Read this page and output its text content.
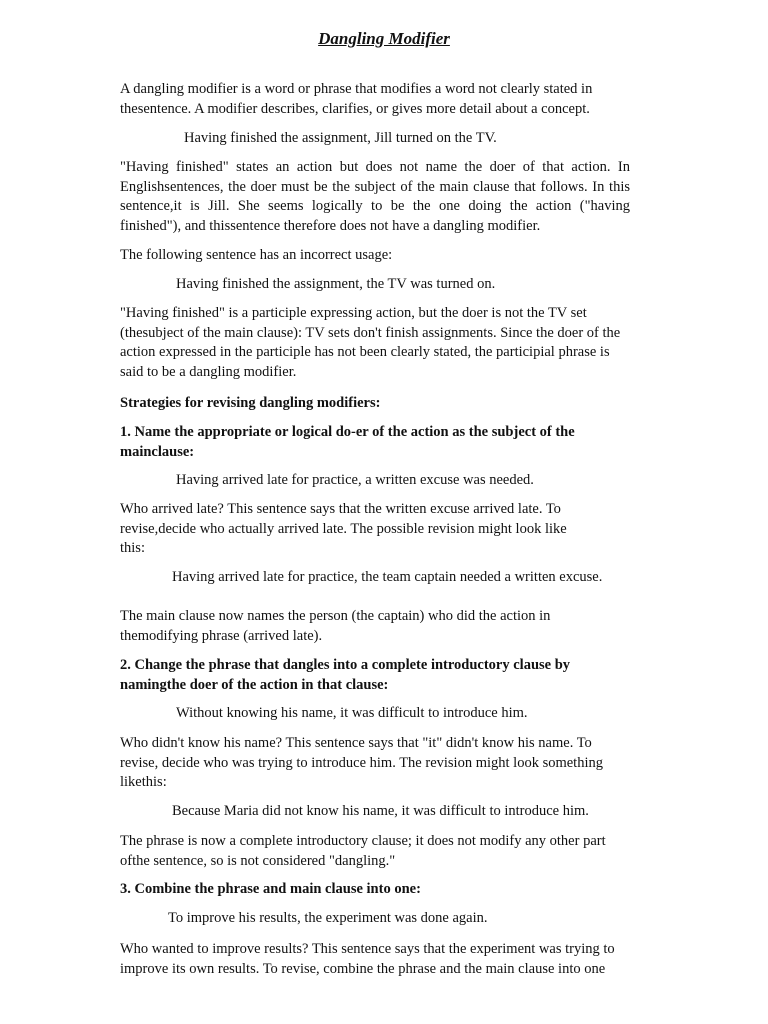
Dangling Modifier

A dangling modifier is a word or phrase that modifies a word not clearly stated in thesentence. A modifier describes, clarifies, or gives more detail about a concept.

Having finished the assignment, Jill turned on the TV.

"Having finished" states an action but does not name the doer of that action. In Englishsentences, the doer must be the subject of the main clause that follows. In this sentence,it is Jill. She seems logically to be the one doing the action ("having finished"), and thissentence therefore does not have a dangling modifier.

The following sentence has an incorrect usage:

Having finished the assignment, the TV was turned on.

"Having finished" is a participle expressing action, but the doer is not the TV set (thesubject of the main clause): TV sets don't finish assignments. Since the doer of the action expressed in the participle has not been clearly stated, the participial phrase is said to be a dangling modifier.

Strategies for revising dangling modifiers:

1. Name the appropriate or logical do-er of the action as the subject of the mainclause:

Having arrived late for practice, a written excuse was needed.

Who arrived late? This sentence says that the written excuse arrived late. To revise,decide who actually arrived late. The possible revision might look like this:

Having arrived late for practice, the team captain needed a written excuse.

The main clause now names the person (the captain) who did the action in themodifying phrase (arrived late).

2. Change the phrase that dangles into a complete introductory clause by namingthe doer of the action in that clause:

Without knowing his name, it was difficult to introduce him.

Who didn't know his name? This sentence says that "it" didn't know his name. To revise, decide who was trying to introduce him. The revision might look something likethis:

Because Maria did not know his name, it was difficult to introduce him.

The phrase is now a complete introductory clause; it does not modify any other part ofthe sentence, so is not considered "dangling."

3. Combine the phrase and main clause into one:

To improve his results, the experiment was done again.

Who wanted to improve results? This sentence says that the experiment was trying to improve its own results. To revise, combine the phrase and the main clause into one
